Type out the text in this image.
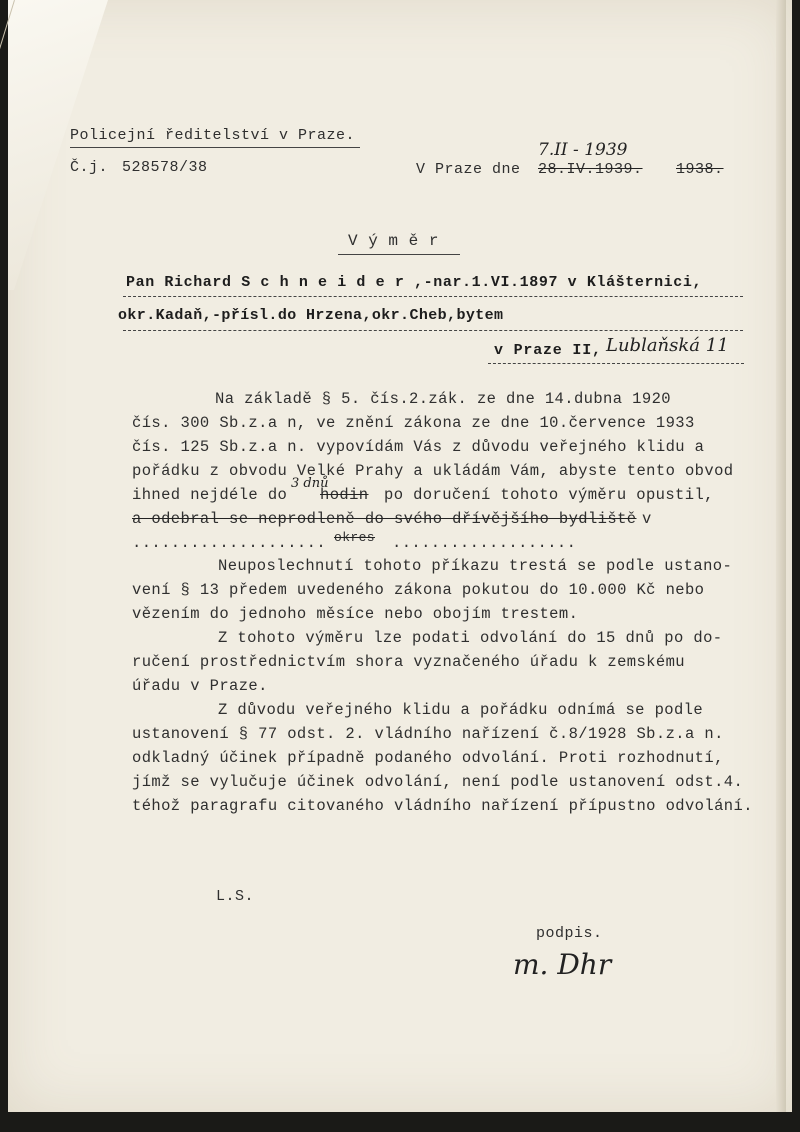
Policejní ředitelství v Praze.
Č.j. 528578/38	V Praze dne
7.II - 1939
28.IV.1939. 1938.
V ý m ě r
Pan Richard S c h n e i d e r ,-nar.1.VI.1897 v Klášternici,
okr.Kadaň,-přísl.do Hrzena,okr.Cheb,bytem
v Praze II, Lublaňská 11
Na základě § 5. čís.2.zák. ze dne 14.dubna 1920
čís. 300 Sb.z.a n, ve znění zákona ze dne 10.července 1933
čís. 125 Sb.z.a n. vypovídám Vás z důvodu veřejného klidu a
pořádku z obvodu Velké Prahy a ukládám Vám, abyste tento obvod
ihned nejdéle do
3 dnů
hodin po doručení tohoto výměru opustil,
a odebral se neprodleně do svého dřívějšího bydliště v
.................... okres ...................
Neuposlechnutí tohoto příkazu trestá se podle ustano-
vení § 13 předem uvedeného zákona pokutou do 10.000 Kč nebo
vězením do jednoho měsíce nebo obojím trestem.
Z tohoto výměru lze podati odvolání do 15 dnů po do-
ručení prostřednictvím shora vyznačeného úřadu k zemskému
úřadu v Praze.
Z důvodu veřejného klidu a pořádku odnímá se podle
ustanovení § 77 odst. 2. vládního nařízení č.8/1928 Sb.z.a n.
odkladný účinek případně podaného odvolání. Proti rozhodnutí,
jímž se vylučuje účinek odvolání, není podle ustanovení odst.4.
téhož paragrafu citovaného vládního nařízení přípustno odvolání.
L.S.
podpis.
m. Dhr
